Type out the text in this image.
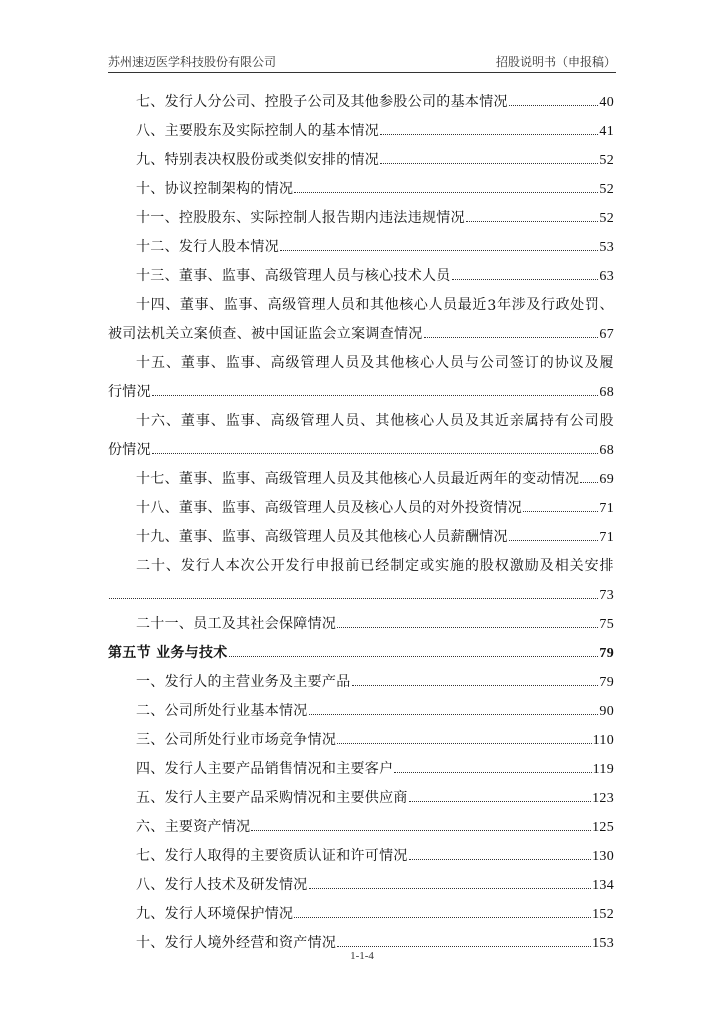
苏州速迈医学科技股份有限公司	招股说明书（申报稿）
七、发行人分公司、控股子公司及其他参股公司的基本情况	40
八、主要股东及实际控制人的基本情况	41
九、特别表决权股份或类似安排的情况	52
十、协议控制架构的情况	52
十一、控股股东、实际控制人报告期内违法违规情况	52
十二、发行人股本情况	53
十三、董事、监事、高级管理人员与核心技术人员	63
十 四 、 董 事 、 监 事 、 高 级 管 理 人 员 和 其 他 核 心 人 员 最 近 3 年 涉 及 行 政 处 罚 、
被司法机关立案侦查、被中国证监会立案调查情况	67
十 五 、 董 事 、 监 事 、 高 级 管 理 人 员 及 其 他 核 心 人 员 与 公 司 签 订 的 协 议 及 履
行情况	68
十 六 、 董 事 、 监 事 、 高 级 管 理 人 员 、 其 他 核 心 人 员 及 其 近 亲 属 持 有 公 司 股
份情况	68
十七、董事、监事、高级管理人员及其他核心人员最近两年的变动情况 69
十八、董事、监事、高级管理人员及核心人员的对外投资情况	71
十九、董事、监事、高级管理人员及其他核心人员薪酬情况	71
二 十 、 发 行 人 本 次 公 开 发 行 申 报 前 已 经 制 定 或 实 施 的 股 权 激 励 及 相 关 安 排
73
二十一、员工及其社会保障情况	75
第五节 业务与技术	79
一、发行人的主营业务及主要产品	79
二、公司所处行业基本情况	90
三、公司所处行业市场竞争情况	110
四、发行人主要产品销售情况和主要客户	119
五、发行人主要产品采购情况和主要供应商	123
六、主要资产情况	125
七、发行人取得的主要资质认证和许可情况	130
八、发行人技术及研发情况	134
九、发行人环境保护情况	152
十、发行人境外经营和资产情况	153
1-1-4
